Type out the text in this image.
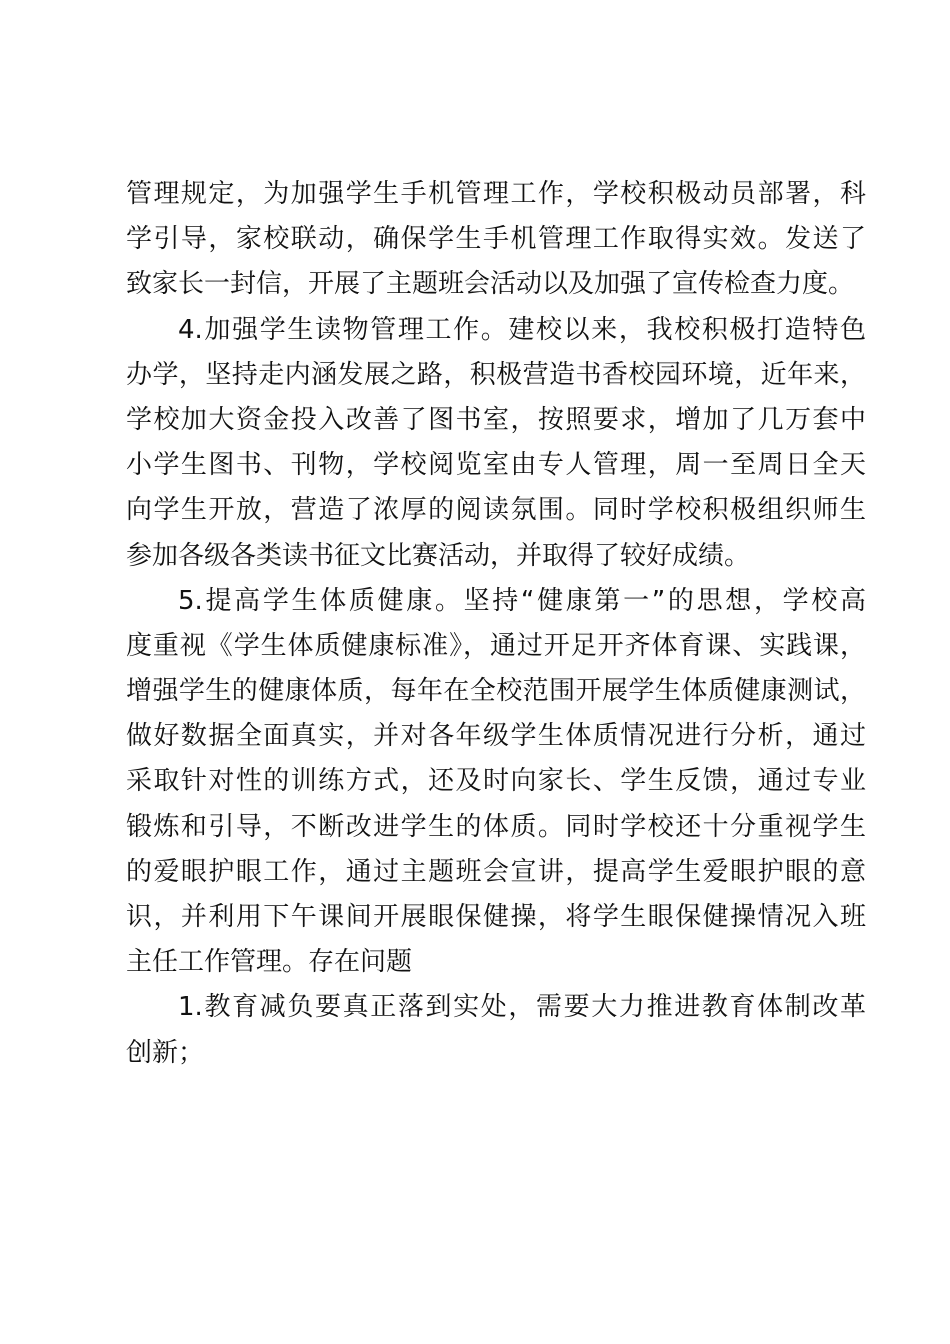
管理规定，为加强学生手机管理工作，学校积极动员部署，科
学引导，家校联动，确保学生手机管理工作取得实效。发送了
致家长一封信，开展了主题班会活动以及加强了宣传检查力度。
4.加强学生读物管理工作。建校以来，我校积极打造特色
办学，坚持走内涵发展之路，积极营造书香校园环境，近年来，
学校加大资金投入改善了图书室，按照要求，增加了几万套中
小学生图书、刊物，学校阅览室由专人管理，周一至周日全天
向学生开放，营造了浓厚的阅读氛围。同时学校积极组织师生
参加各级各类读书征文比赛活动，并取得了较好成绩。
5.提高学生体质健康。坚持“健康第一”的思想，学校高
度重视《学生体质健康标准》，通过开足开齐体育课、实践课，
增强学生的健康体质，每年在全校范围开展学生体质健康测试，
做好数据全面真实，并对各年级学生体质情况进行分析，通过
采取针对性的训练方式，还及时向家长、学生反馈，通过专业
锻炼和引导，不断改进学生的体质。同时学校还十分重视学生
的爱眼护眼工作，通过主题班会宣讲，提高学生爱眼护眼的意
识，并利用下午课间开展眼保健操，将学生眼保健操情况入班
主任工作管理。存在问题
1.教育减负要真正落到实处，需要大力推进教育体制改革
创新；
